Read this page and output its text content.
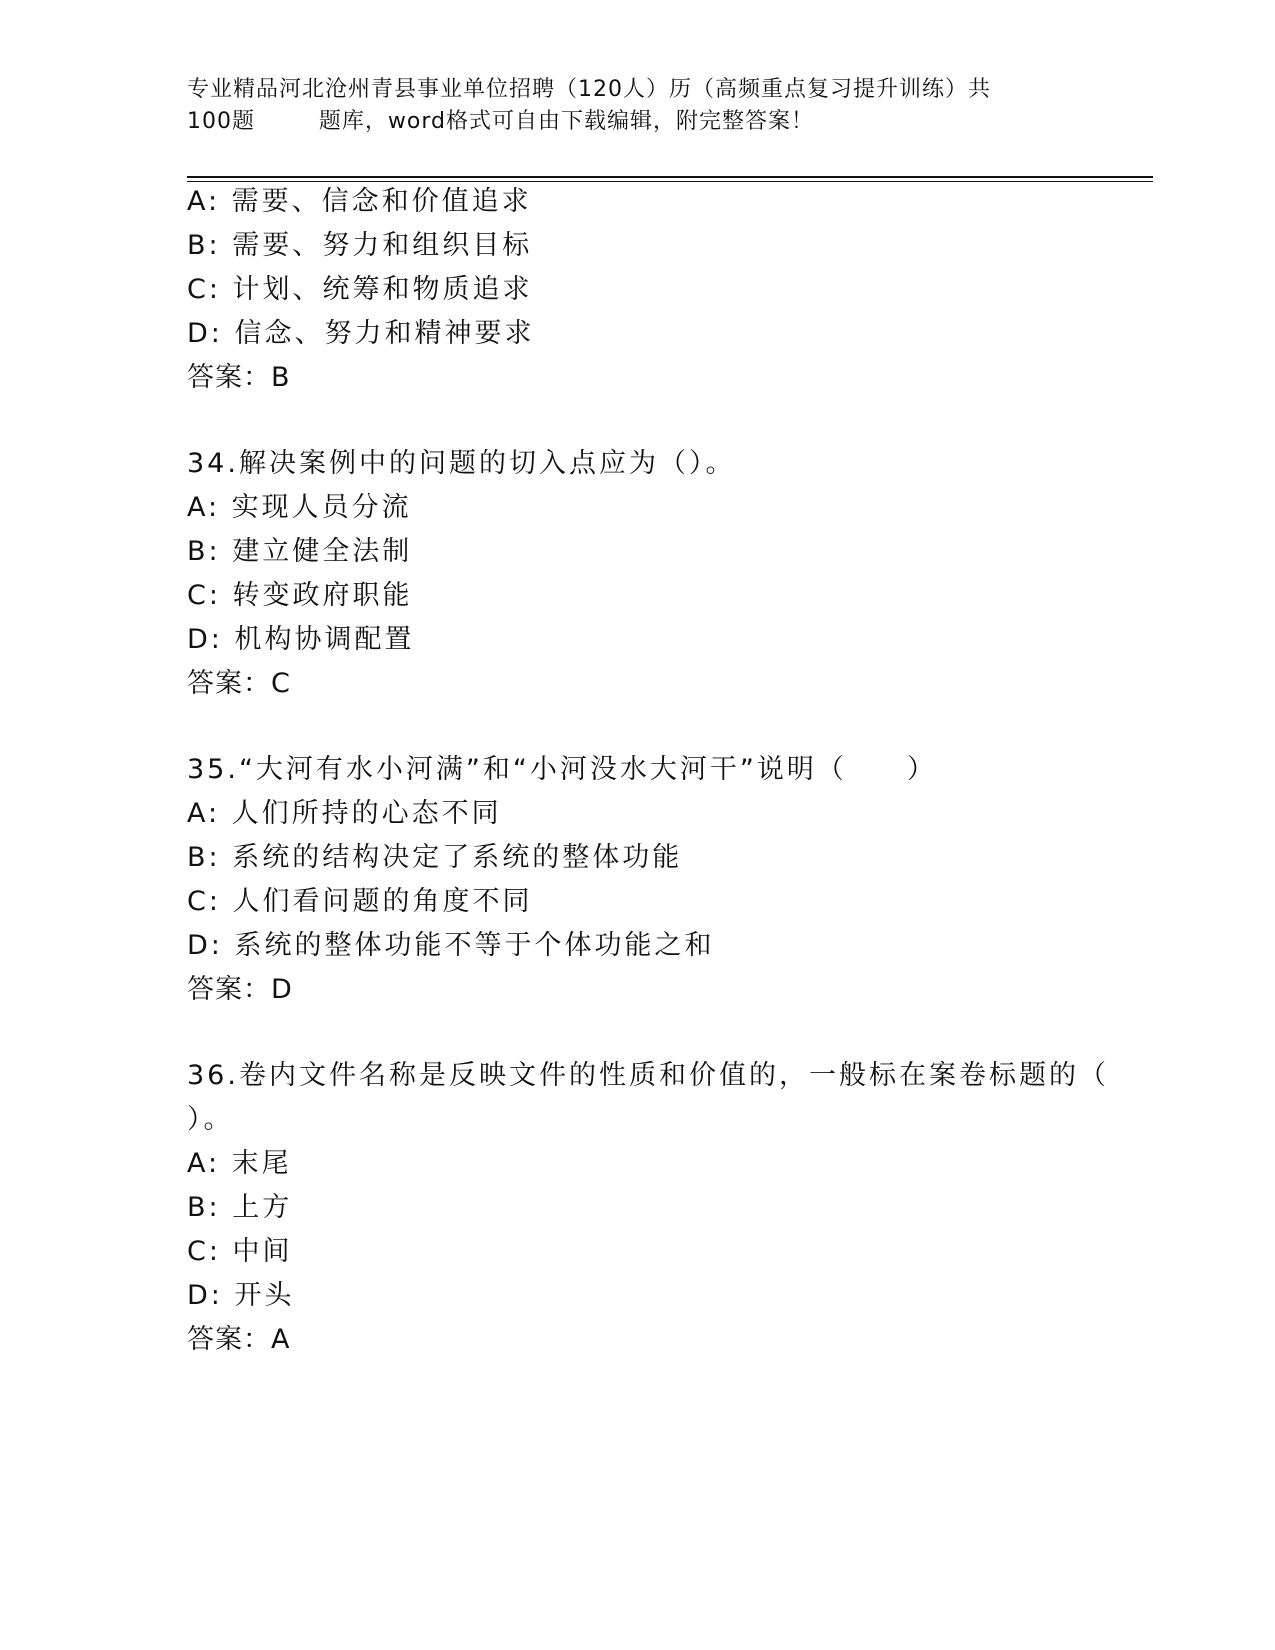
专业精品河北沧州青县事业单位招聘（120人）历（高频重点复习提升训练）共
100题        题库，word格式可自由下载编辑，附完整答案！
A: 需要、信念和价值追求
B: 需要、努力和组织目标
C: 计划、统筹和物质追求
D: 信念、努力和精神要求
答案：B
34.解决案例中的问题的切入点应为（）。
A: 实现人员分流
B: 建立健全法制
C: 转变政府职能
D: 机构协调配置
答案：C
35.“大河有水小河满”和“小河没水大河干”说明（　　）
A: 人们所持的心态不同
B: 系统的结构决定了系统的整体功能
C: 人们看问题的角度不同
D: 系统的整体功能不等于个体功能之和
答案：D
36.卷内文件名称是反映文件的性质和价值的，一般标在案卷标题的（
）。
A: 末尾
B: 上方
C: 中间
D: 开头
答案：A
